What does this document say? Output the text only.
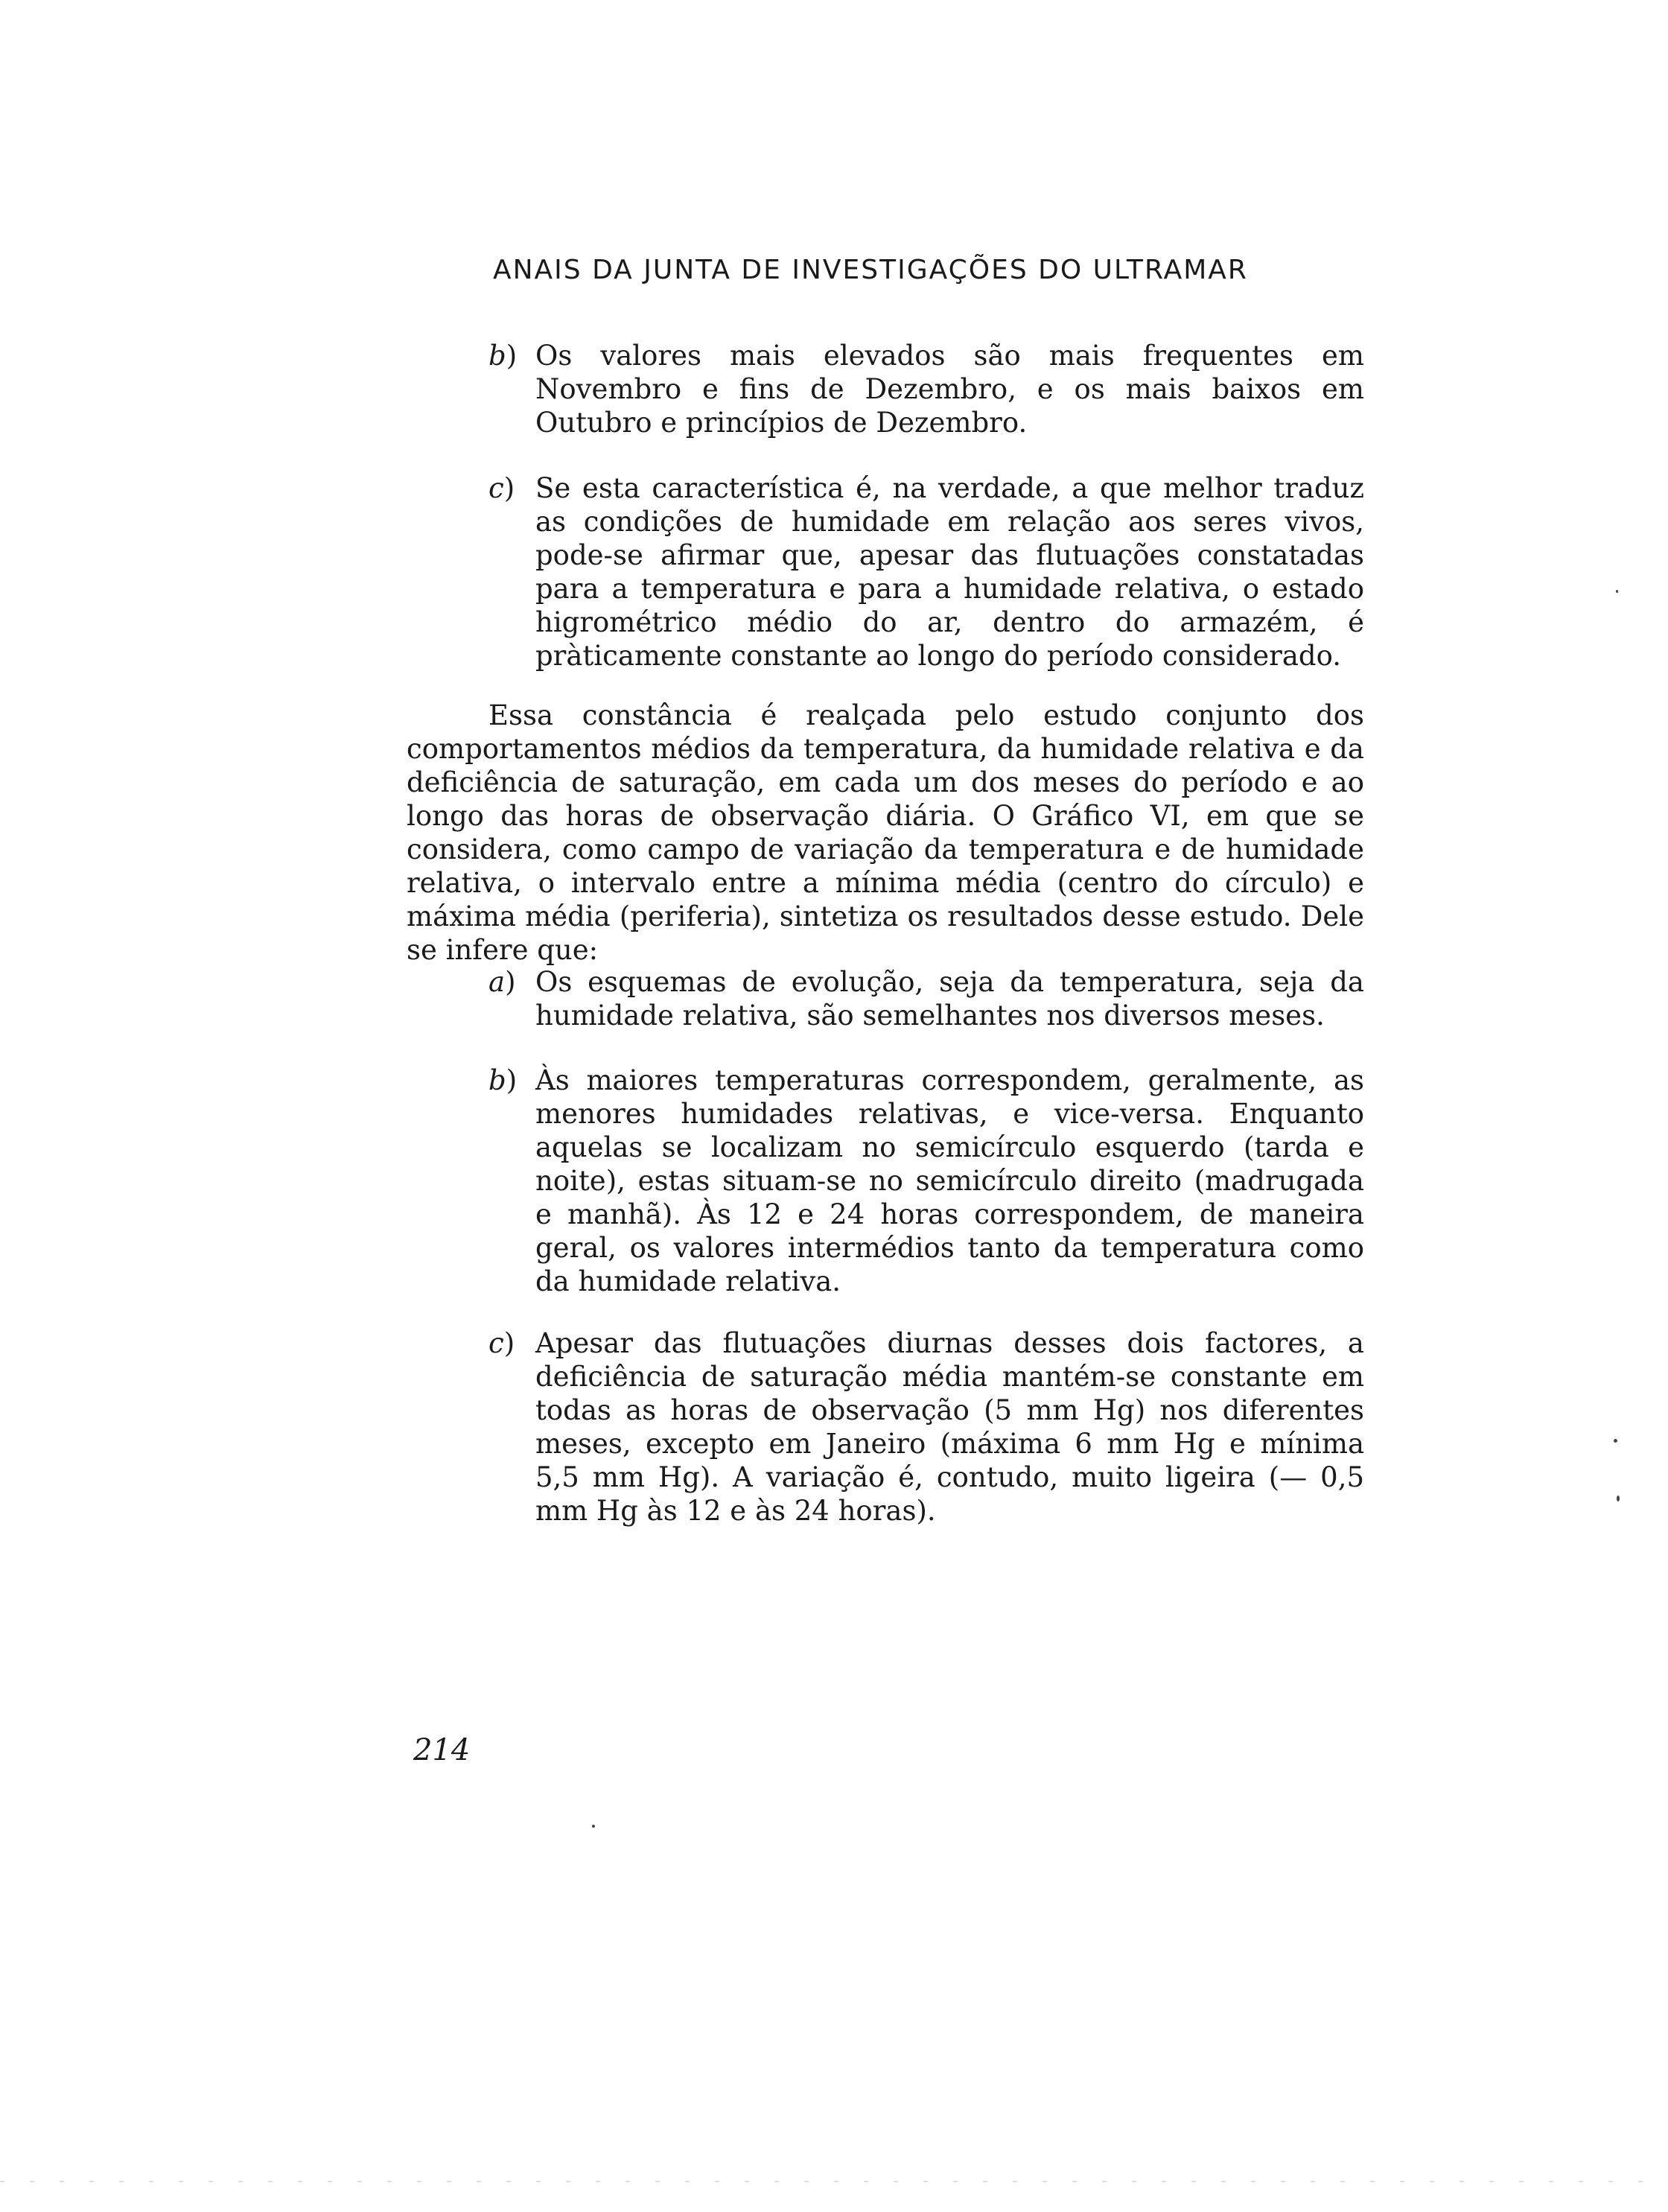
ANAIS DA JUNTA DE INVESTIGAÇÕES DO ULTRAMAR
b) Os valores mais elevados são mais frequentes em Novembro e fins de Dezembro, e os mais baixos em Outubro e princípios de Dezembro.
c) Se esta característica é, na verdade, a que melhor traduz as condições de humidade em relação aos seres vivos, pode-se afirmar que, apesar das flutuações constatadas para a temperatura e para a humidade relativa, o estado higrométrico médio do ar, dentro do armazém, é pràticamente constante ao longo do período considerado.
Essa constância é realçada pelo estudo conjunto dos comportamentos médios da temperatura, da humidade relativa e da deficiência de saturação, em cada um dos meses do período e ao longo das horas de observação diária. O Gráfico VI, em que se considera, como campo de variação da temperatura e de humidade relativa, o intervalo entre a mínima média (centro do círculo) e máxima média (periferia), sintetiza os resultados desse estudo. Dele se infere que:
a) Os esquemas de evolução, seja da temperatura, seja da humidade relativa, são semelhantes nos diversos meses.
b) Às maiores temperaturas correspondem, geralmente, as menores humidades relativas, e vice-versa. Enquanto aquelas se localizam no semicírculo esquerdo (tarda e noite), estas situam-se no semicírculo direito (madrugada e manhã). Às 12 e 24 horas correspondem, de maneira geral, os valores intermédios tanto da temperatura como da humidade relativa.
c) Apesar das flutuações diurnas desses dois factores, a deficiência de saturação média mantém-se constante em todas as horas de observação (5 mm Hg) nos diferentes meses, excepto em Janeiro (máxima 6 mm Hg e mínima 5,5 mm Hg). A variação é, contudo, muito ligeira (— 0,5 mm Hg às 12 e às 24 horas).
214
